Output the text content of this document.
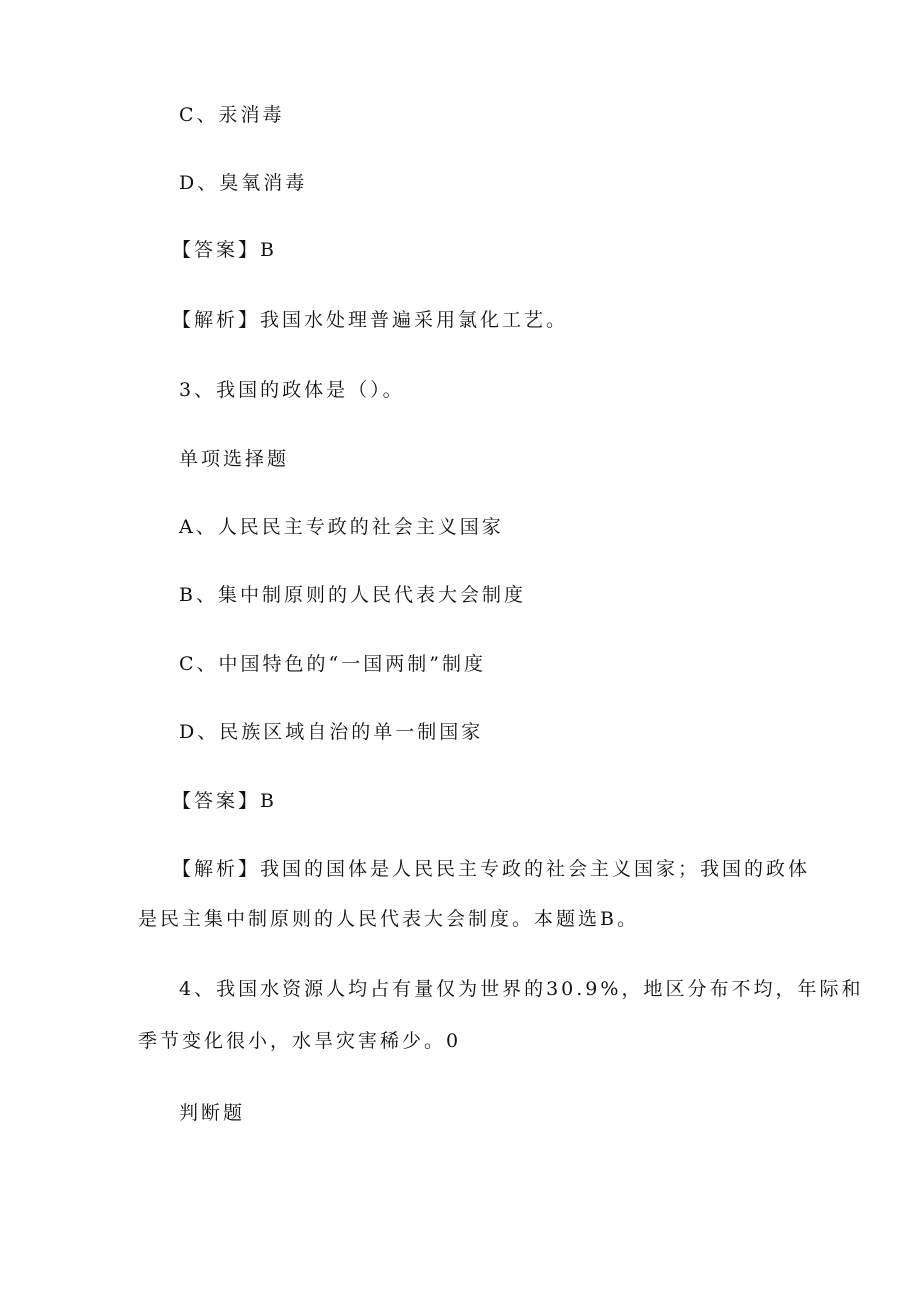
C、汞消毒
D、臭氧消毒
【答案】B
【解析】我国水处理普遍采用氯化工艺。
3、我国的政体是（）。
单项选择题
A、人民民主专政的社会主义国家
B、集中制原则的人民代表大会制度
C、中国特色的“一国两制”制度
D、民族区域自治的单一制国家
【答案】B
【解析】我国的国体是人民民主专政的社会主义国家；我国的政体
是民主集中制原则的人民代表大会制度。本题选B。
4、我国水资源人均占有量仅为世界的30.9%，地区分布不均，年际和
季节变化很小，水旱灾害稀少。0
判断题
